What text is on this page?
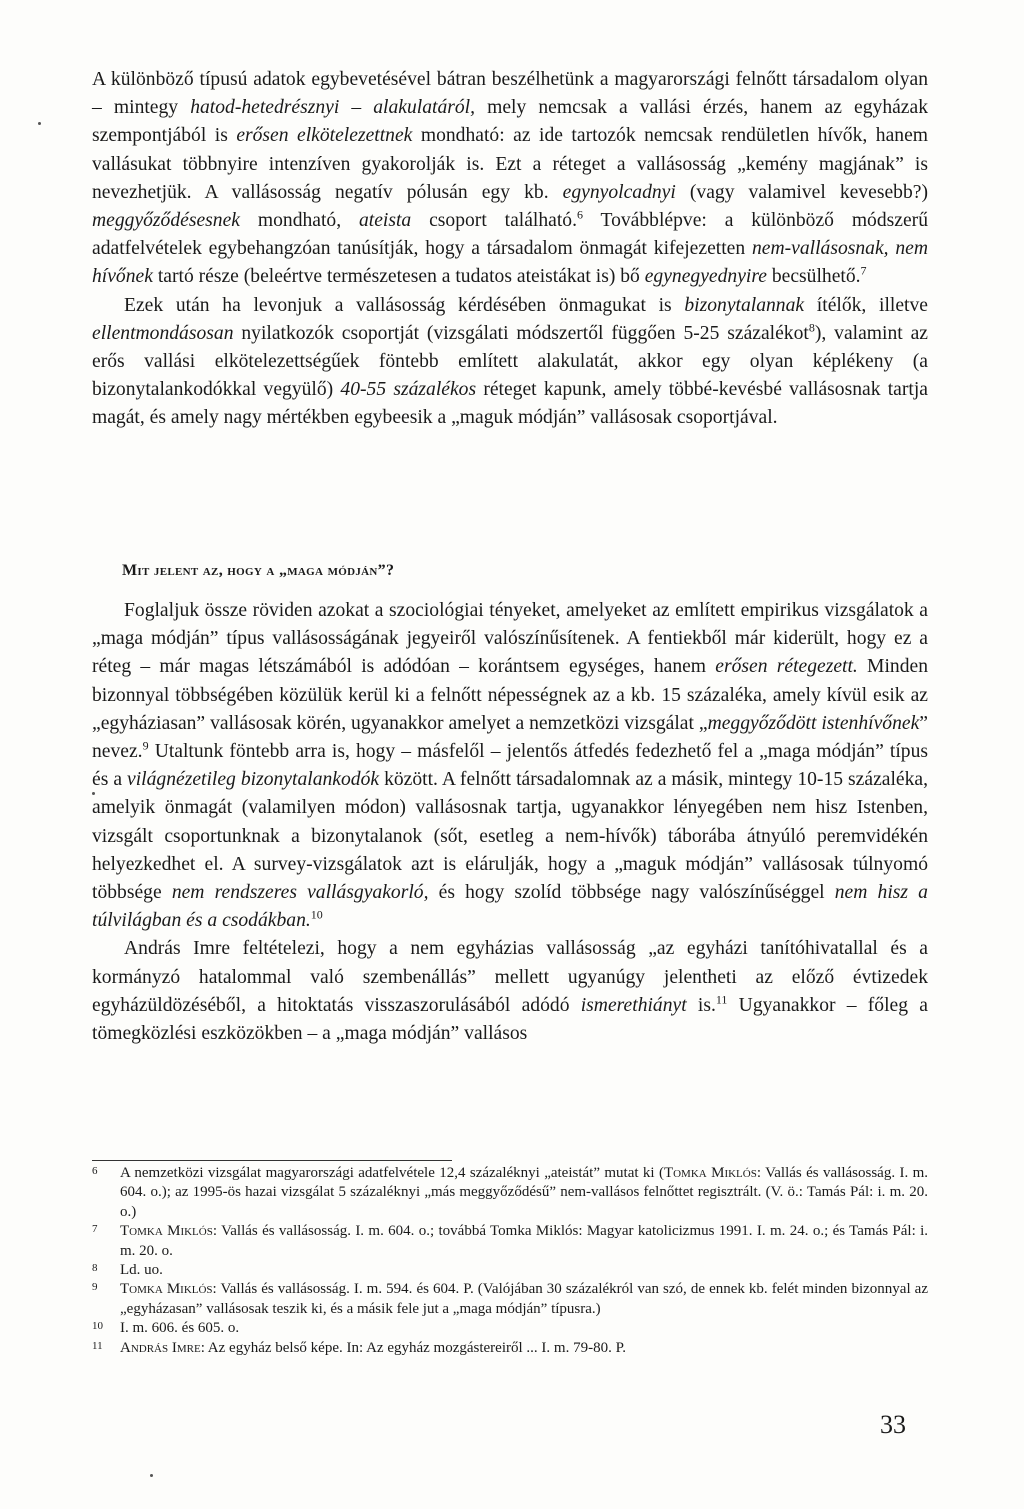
A különböző típusú adatok egybevetésével bátran beszélhetünk a magyarországi felnőtt társadalom olyan – mintegy hatod-hetedrésznyi – alakulatáról, mely nemcsak a vallási érzés, hanem az egyházak szempontjából is erősen elkötelezettnek mondható: az ide tartozók nemcsak rendületlen hívők, hanem vallásukat többnyire intenzíven gyakorolják is. Ezt a réteget a vallásosság „kemény magjának” is nevezhetjük. A vallásosság negatív pólusán egy kb. egynyolcadnyi (vagy valamivel kevesebb?) meggyőződésesnek mondható, ateista csoport található.$^6$ Továbblépve: a különböző módszerű adatfelvételek egybehangzóan tanúsítják, hogy a társadalom önmagát kifejezetten nem-vallásosnak, nem hívőnek tartó része (beleértve természetesen a tudatos ateistákat is) bő egynegyednyire becsülhető.$^7$

Ezek után ha levonjuk a vallásosság kérdésében önmagukat is bizonytalannak ítélők, illetve ellentmondásosan nyilatkozók csoportját (vizsgálati módszertől függően 5-25 százalékot$^8$), valamint az erős vallási elkötelezettségűek föntebb említett alakulatát, akkor egy olyan képlékeny (a bizonytalankodókkal vegyülő) 40-55 százalékos réteget kapunk, amely többé-kevésbé vallásosnak tartja magát, és amely nagy mértékben egybeesik a „maguk módján” vallásosak csoportjával.

Mit jelent az, hogy a „maga módján”?

Foglaljuk össze röviden azokat a szociológiai tényeket, amelyeket az említett empirikus vizsgálatok a „maga módján” típus vallásosságának jegyeiről valószínűsítenek. A fentiekből már kiderült, hogy ez a réteg – már magas létszámából is adódóan – korántsem egységes, hanem erősen rétegezett. Minden bizonnyal többségében közülük kerül ki a felnőtt népességnek az a kb. 15 százaléka, amely kívül esik az „egyháziasan” vallásosak körén, ugyanakkor amelyet a nemzetközi vizsgálat „meggyőződött istenhívőnek” nevez.$^9$ Utaltunk föntebb arra is, hogy – másfelől – jelentős átfedés fedezhető fel a „maga módján” típus és a világnézetileg bizonytalankodók között. A felnőtt társadalomnak az a másik, mintegy 10-15 százaléka, amelyik önmagát (valamilyen módon) vallásosnak tartja, ugyanakkor lényegében nem hisz Istenben, vizsgált csoportunknak a bizonytalanok (sőt, esetleg a nem-hívők) táborába átnyúló peremvidékén helyezkedhet el. A survey-vizsgálatok azt is elárulják, hogy a „maguk módján” vallásosak túlnyomó többsége nem rendszeres vallásgyakorló, és hogy szolíd többsége nagy valószínűséggel nem hisz a túlvilágban és a csodákban.$^{10}$

András Imre feltételezi, hogy a nem egyházias vallásosság „az egyházi tanítóhivatallal és a kormányzó hatalommal való szembenállás” mellett ugyanúgy jelentheti az előző évtizedek egyházüldözéséből, a hitoktatás visszaszorulásából adódó ismerethiányt is.$^{11}$ Ugyanakkor – főleg a tömegközlési eszközökben – a „maga módján” vallásos

6	A nemzetközi vizsgálat magyarországi adatfelvétele 12,4 százaléknyi „ateistát” mutat ki (Tomka Miklós: Vallás és vallásosság. I. m. 604. o.); az 1995-ös hazai vizsgálat 5 százaléknyi „más meggyőződésű” nem-vallásos felnőttet regisztrált. (V. ö.: Tamás Pál: i. m. 20. o.)
7	Tomka Miklós: Vallás és vallásosság. I. m. 604. o.; továbbá Tomka Miklós: Magyar katolicizmus 1991. I. m. 24. o.; és Tamás Pál: i. m. 20. o.
8	Ld. uo.
9	Tomka Miklós: Vallás és vallásosság. I. m. 594. és 604. P. (Valójában 30 százalékról van szó, de ennek kb. felét minden bizonnyal az „egyházasan” vallásosak teszik ki, és a másik fele jut a „maga módján” típusra.)
10	I. m. 606. és 605. o.
11	András Imre: Az egyház belső képe. In: Az egyház mozgástereiről ... I. m. 79-80. P.
33
